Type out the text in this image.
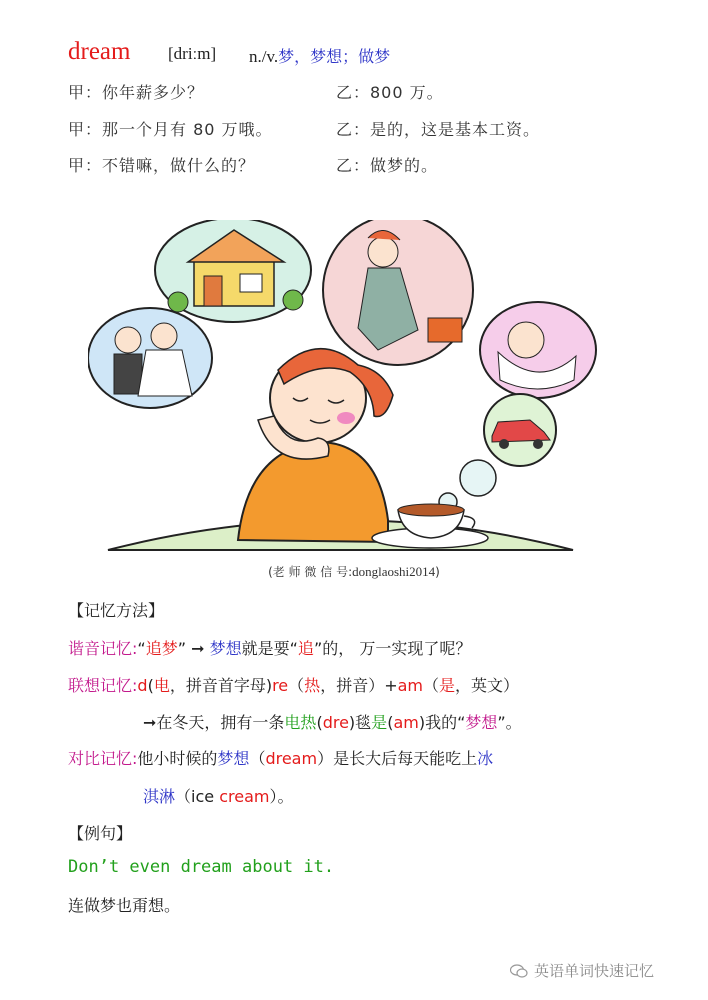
dream [driːm] n./v.梦，梦想；做梦
甲：你年薪多少？	乙：800 万。
甲：那一个月有 80 万哦。	乙：是的，这是基本工资。
甲：不错嘛，做什么的？	乙：做梦的。
(老 师 微 信 号:donglaoshi2014)
【记忆方法】
谐音记忆:“追梦” ➞ 梦想就是要“追”的， 万一实现了呢？
联想记忆:d(电，拼音首字母)re（热，拼音）+am（是，英文）
➞在冬天，拥有一条电热(dre)毯是(am)我的“梦想”。
对比记忆:他小时候的梦想（dream）是长大后每天能吃上冰
淇淋（ice cream）。
【例句】
Don’t even dream about it.
连做梦也甭想。
英语单词快速记忆
